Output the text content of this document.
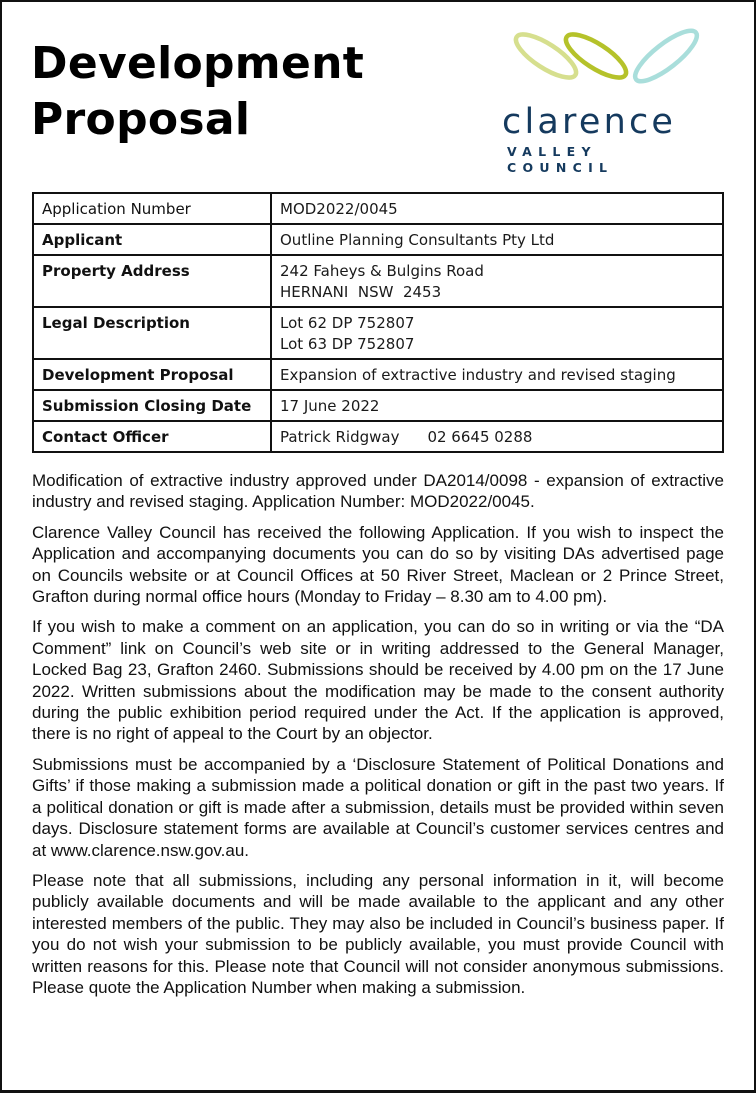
Development
Proposal	clarence
VALLEY COUNCIL
Application Number	MOD2022/0045
Applicant	Outline Planning Consultants Pty Ltd
Property Address	242 Faheys & Bulgins Road
HERNANI  NSW  2453
Legal Description	Lot 62 DP 752807
Lot 63 DP 752807
Development Proposal	Expansion of extractive industry and revised staging
Submission Closing Date	17 June 2022
Contact Officer	Patrick Ridgway 02 6645 0288

Modification of extractive industry approved under DA2014/0098 - expansion of extractive industry and revised staging. Application Number: MOD2022/0045.

Clarence Valley Council has received the following Application. If you wish to inspect the Application and accompanying documents you can do so by visiting DAs advertised page on Councils website or at Council Offices at 50 River Street, Maclean or 2 Prince Street, Grafton during normal office hours (Monday to Friday – 8.30 am to 4.00 pm).

If you wish to make a comment on an application, you can do so in writing or via the “DA Comment” link on Council’s web site or in writing addressed to the General Manager, Locked Bag 23, Grafton 2460. Submissions should be received by 4.00 pm on the 17 June 2022. Written submissions about the modification may be made to the consent authority during the public exhibition period required under the Act. If the application is approved, there is no right of appeal to the Court by an objector.

Submissions must be accompanied by a ‘Disclosure Statement of Political Donations and Gifts’ if those making a submission made a political donation or gift in the past two years. If a political donation or gift is made after a submission, details must be provided within seven days. Disclosure statement forms are available at Council’s customer services centres and at www.clarence.nsw.gov.au.

Please note that all submissions, including any personal information in it, will become publicly available documents and will be made available to the applicant and any other interested members of the public. They may also be included in Council’s business paper. If you do not wish your submission to be publicly available, you must provide Council with written reasons for this. Please note that Council will not consider anonymous submissions. Please quote the Application Number when making a submission.
